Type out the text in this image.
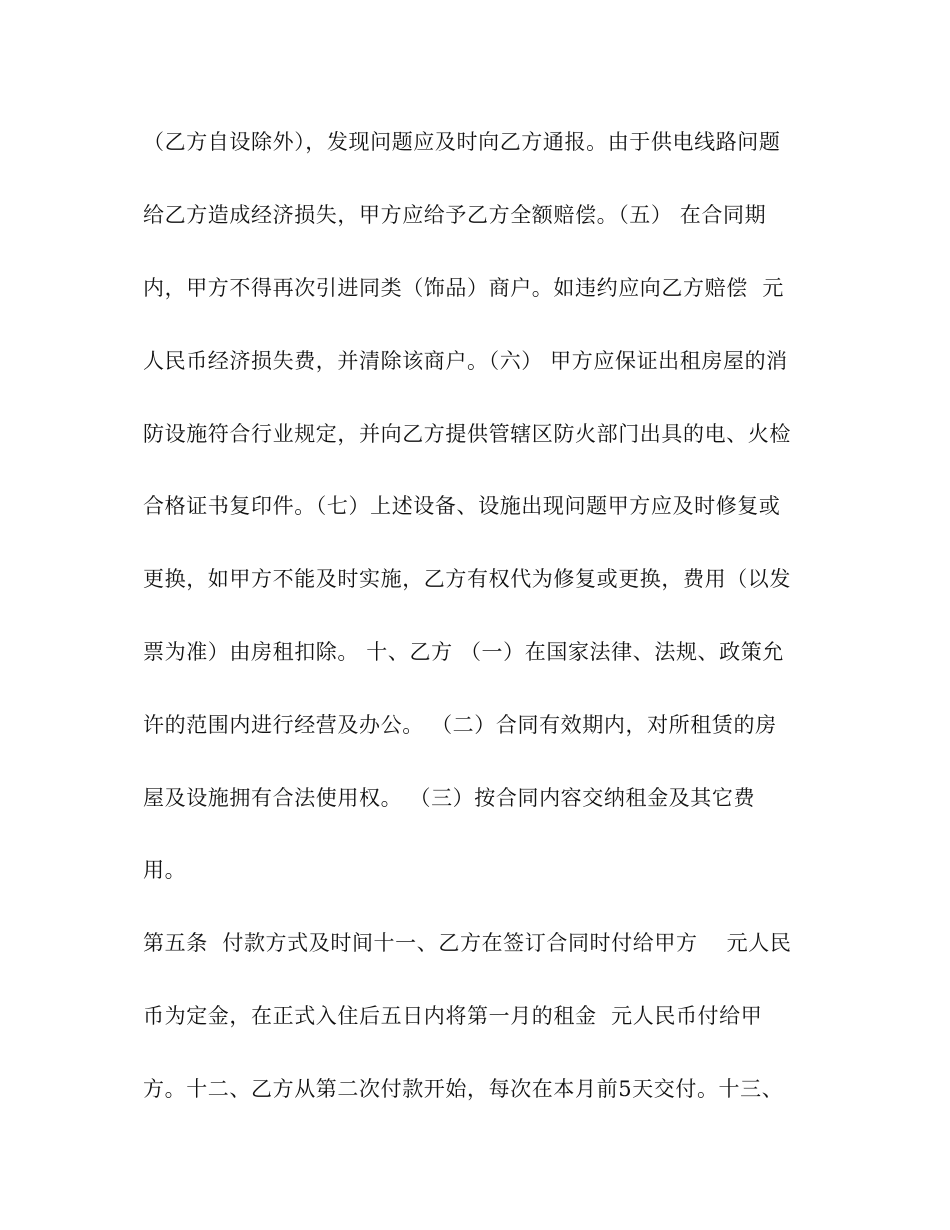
（乙方自设除外），发现问题应及时向乙方通报。由于供电线路问题
给乙方造成经济损失，甲方应给予乙方全额赔偿。（五） 在合同期
内，甲方不得再次引进同类（饰品）商户。如违约应向乙方赔偿  元
人民币经济损失费，并清除该商户。（六） 甲方应保证出租房屋的消
防设施符合行业规定，并向乙方提供管辖区防火部门出具的电、火检
合格证书复印件。（七）上述设备、设施出现问题甲方应及时修复或
更换，如甲方不能及时实施，乙方有权代为修复或更换，费用（以发
票为准）由房租扣除。 十、乙方 （一）在国家法律、法规、政策允
许的范围内进行经营及办公。 （二）合同有效期内，对所租赁的房
屋及设施拥有合法使用权。 （三）按合同内容交纳租金及其它费
用。
第五条  付款方式及时间十一、乙方在签订合同时付给甲方    元人民
币为定金，在正式入住后五日内将第一月的租金  元人民币付给甲
方。十二、乙方从第二次付款开始，每次在本月前5天交付。十三、
